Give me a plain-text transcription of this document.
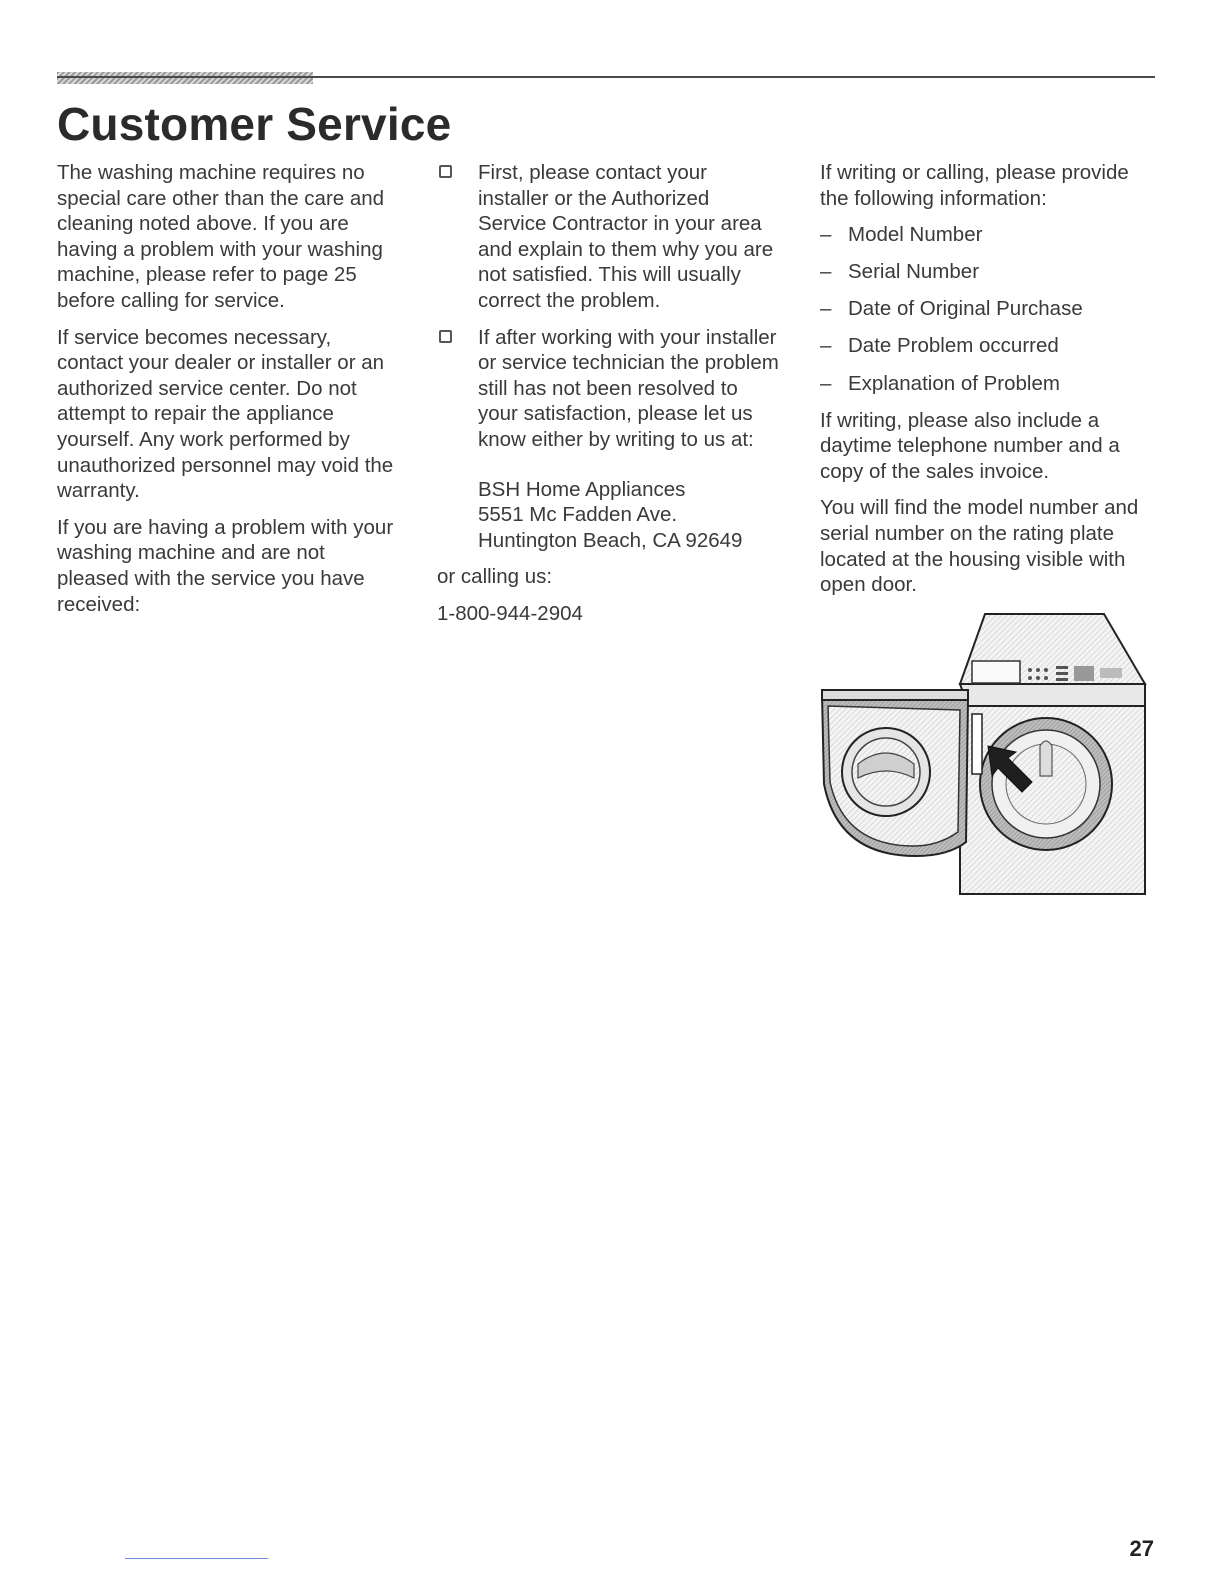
Customer Service

The washing machine requires no special care other than the care and cleaning noted above. If you are having a problem with your washing machine, please refer to page 25 before calling for service.

If service becomes necessary, contact your dealer or installer or an authorized service center. Do not attempt to repair the appliance yourself. Any work performed by unauthorized personnel may void the warranty.

If you are having a problem with your washing machine and are not pleased with the service you have received:

First, please contact your installer or the Authorized Service Contractor in your area and explain to them why you are not satisfied. This will usually correct the problem.
If after working with your installer or service technician the problem still has not been resolved to your satisfaction, please let us know either by writing to us at:
BSH Home Appliances
5551 Mc Fadden Ave.
Huntington Beach, CA 92649

or calling us:

1-800-944-2904

If writing or calling, please provide the following information:

– Model Number
– Serial Number
– Date of Original Purchase
– Date Problem occurred
– Explanation of Problem

If writing, please also include a daytime telephone number and a copy of the sales invoice.

You will find the model number and serial number on the rating plate located at the housing visible with open door.

27
